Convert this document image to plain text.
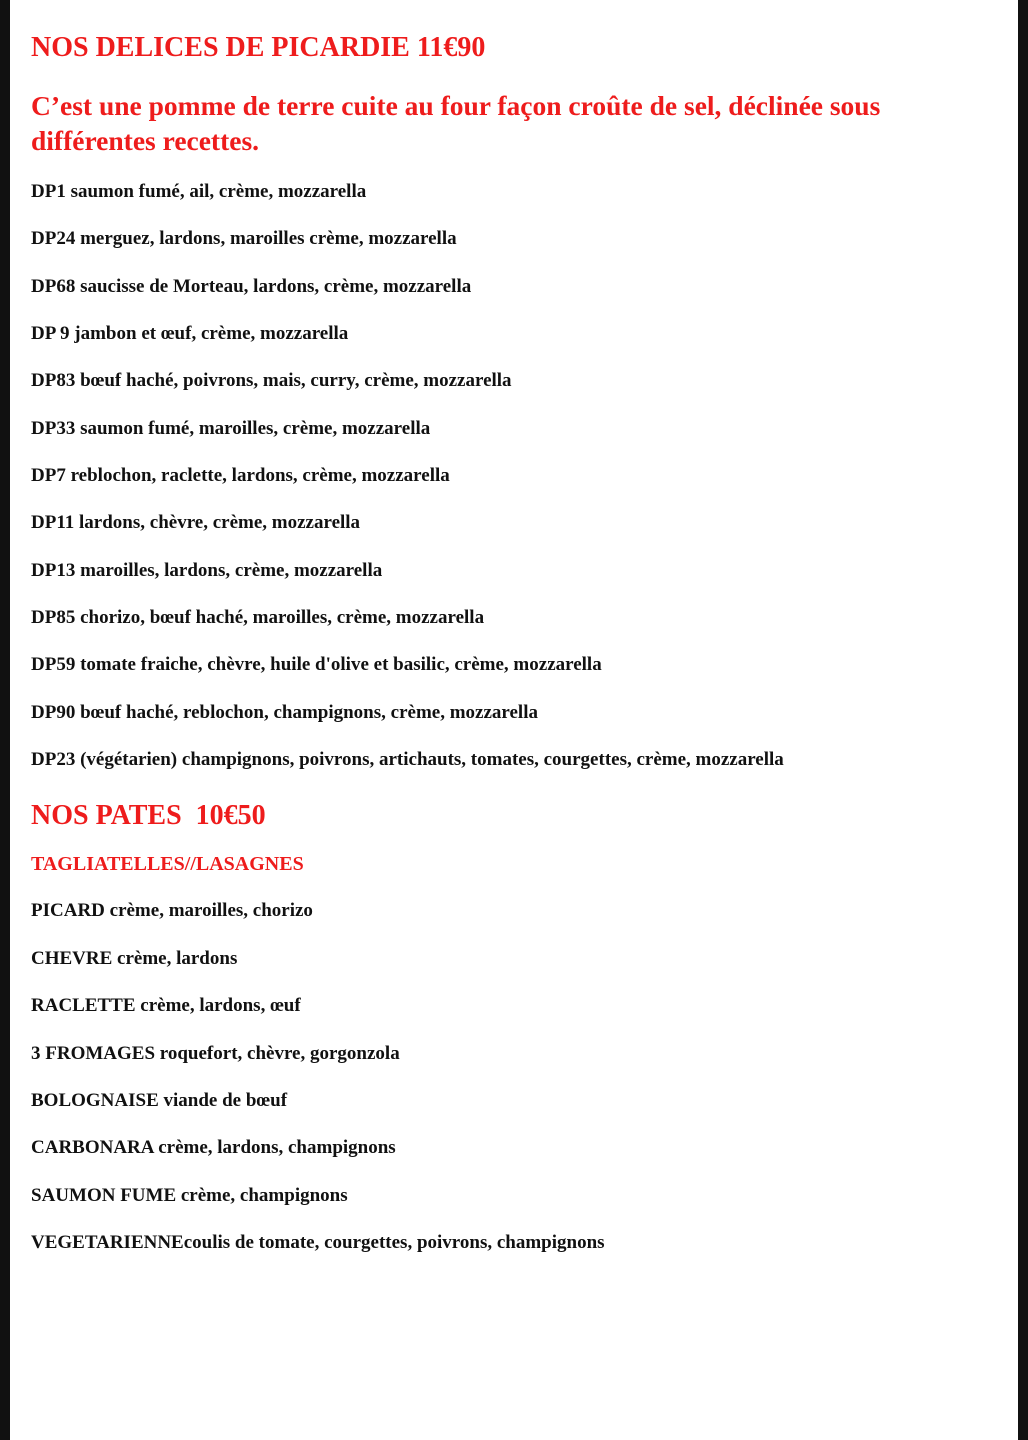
NOS DELICES DE PICARDIE 11€90

C’est une pomme de terre cuite au four façon croûte de sel, déclinée sous différentes recettes.

DP1 saumon fumé, ail, crème, mozzarella
DP24 merguez, lardons, maroilles crème, mozzarella
DP68 saucisse de Morteau, lardons, crème, mozzarella
DP 9 jambon et œuf, crème, mozzarella
DP83 bœuf haché, poivrons, mais, curry, crème, mozzarella
DP33 saumon fumé, maroilles, crème, mozzarella
DP7 reblochon, raclette, lardons, crème, mozzarella
DP11 lardons, chèvre, crème, mozzarella
DP13 maroilles, lardons, crème, mozzarella
DP85 chorizo, bœuf haché, maroilles, crème, mozzarella
DP59 tomate fraiche, chèvre, huile d'olive et basilic, crème, mozzarella
DP90 bœuf haché, reblochon, champignons, crème, mozzarella
DP23 (végétarien) champignons, poivrons, artichauts, tomates, courgettes, crème, mozzarella
NOS PATES  10€50

TAGLIATELLES//LASAGNES

PICARD crème, maroilles, chorizo
CHEVRE crème, lardons
RACLETTE crème, lardons, œuf
3 FROMAGES roquefort, chèvre, gorgonzola
BOLOGNAISE viande de bœuf
CARBONARA crème, lardons, champignons
SAUMON FUME crème, champignons
VEGETARIENNEcoulis de tomate, courgettes, poivrons, champignons
